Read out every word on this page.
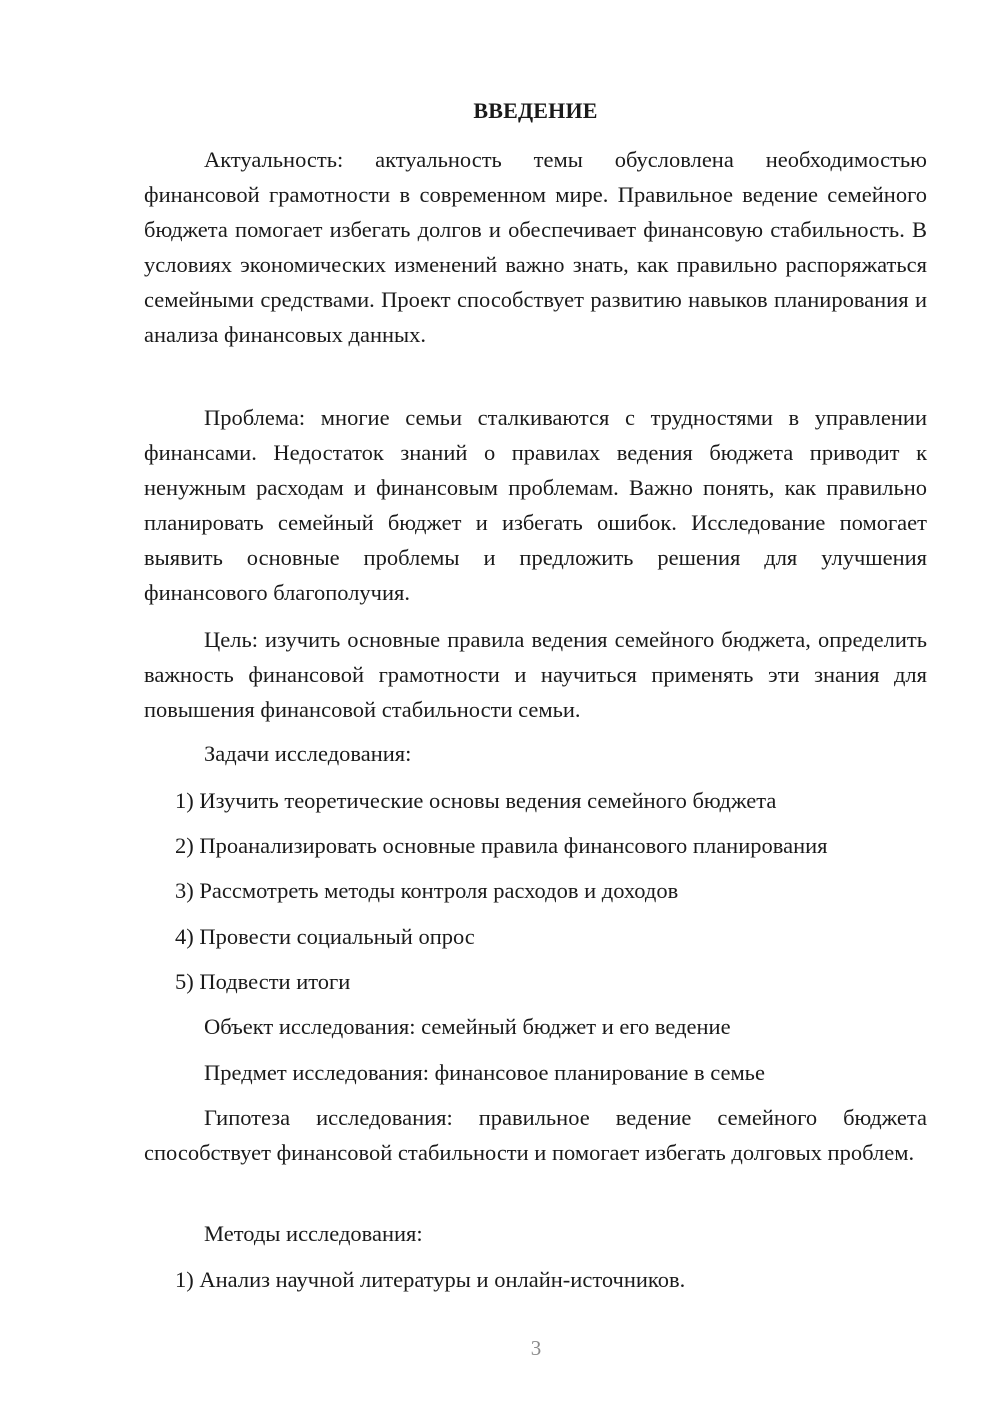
ВВЕДЕНИЕ

Актуальность: актуальность темы обусловлена необходимостью финансовой грамотности в современном мире. Правильное ведение семейного бюджета помогает избегать долгов и обеспечивает финансовую стабильность. В условиях экономических изменений важно знать, как правильно распоряжаться семейными средствами. Проект способствует развитию навыков планирования и анализа финансовых данных.

Проблема: многие семьи сталкиваются с трудностями в управлении финансами. Недостаток знаний о правилах ведения бюджета приводит к ненужным расходам и финансовым проблемам. Важно понять, как правильно планировать семейный бюджет и избегать ошибок. Исследование помогает выявить основные проблемы и предложить решения для улучшения финансового благополучия.

Цель: изучить основные правила ведения семейного бюджета, определить важность финансовой грамотности и научиться применять эти знания для повышения финансовой стабильности семьи.

Задачи исследования:

1) Изучить теоретические основы ведения семейного бюджета

2) Проанализировать основные правила финансового планирования

3) Рассмотреть методы контроля расходов и доходов

4) Провести социальный опрос

5) Подвести итоги

Объект исследования: семейный бюджет и его ведение

Предмет исследования: финансовое планирование в семье

Гипотеза исследования: правильное ведение семейного бюджета способствует финансовой стабильности и помогает избегать долговых проблем.

Методы исследования:

1) Анализ научной литературы и онлайн-источников.

3
